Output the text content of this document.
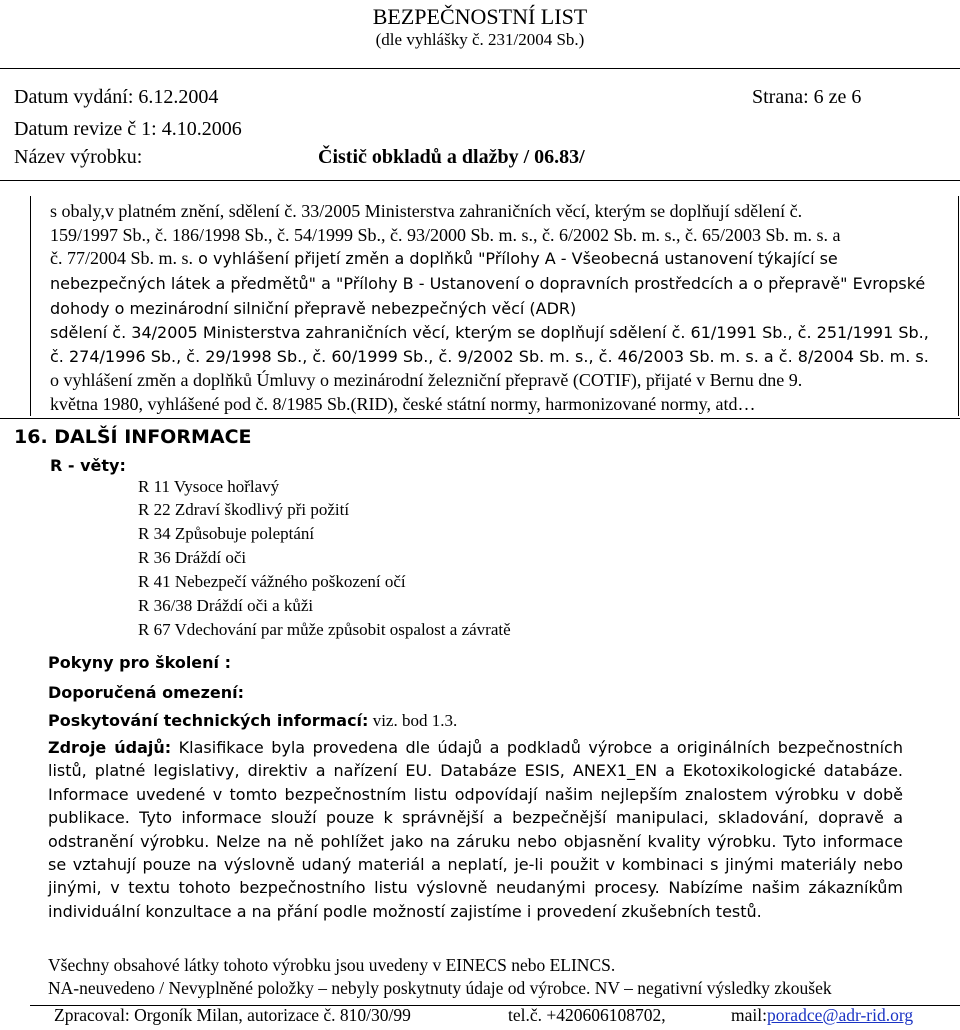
BEZPEČNOSTNÍ LIST
(dle vyhlášky č. 231/2004 Sb.)
Datum vydání: 6.12.2004	Strana: 6 ze 6
Datum revize č 1: 4.10.2006
Název výrobku:	Čistič obkladů a dlažby / 06.83/
s obaly,v platném znění, sdělení č. 33/2005 Ministerstva zahraničních věcí, kterým se doplňují sdělení č.
159/1997 Sb., č. 186/1998 Sb., č. 54/1999 Sb., č. 93/2000 Sb. m. s., č. 6/2002 Sb. m. s., č. 65/2003 Sb. m. s. a
č. 77/2004 Sb. m. s. o vyhlášení přijetí změn a doplňků "Přílohy A - Všeobecná ustanovení týkající se
nebezpečných látek a předmětů" a "Přílohy B - Ustanovení o dopravních prostředcích a o přepravě" Evropské
dohody o mezinárodní silniční přepravě nebezpečných věcí (ADR)
sdělení č. 34/2005 Ministerstva zahraničních věcí, kterým se doplňují sdělení č. 61/1991 Sb., č. 251/1991 Sb.,
č. 274/1996 Sb., č. 29/1998 Sb., č. 60/1999 Sb., č. 9/2002 Sb. m. s., č. 46/2003 Sb. m. s. a č. 8/2004 Sb. m. s.
o vyhlášení změn a doplňků Úmluvy o mezinárodní železniční přepravě (COTIF), přijaté v Bernu dne 9.
května 1980, vyhlášené pod č. 8/1985 Sb.(RID), české státní normy, harmonizované normy, atd…
16. DALŠÍ INFORMACE
R - věty:
R 11 Vysoce hořlavý
R 22 Zdraví škodlivý při požití
R 34 Způsobuje poleptání
R 36 Dráždí oči
R 41 Nebezpečí vážného poškození očí
R 36/38 Dráždí oči a kůži
R 67 Vdechování par může způsobit ospalost a závratě
Pokyny pro školení :
Doporučená omezení:
Poskytování technických informací: viz. bod 1.3.

Zdroje údajů: Klasifikace byla provedena dle údajů a podkladů výrobce a originálních bezpečnostních listů, platné legislativy, direktiv a nařízení EU. Databáze ESIS, ANEX1_EN a Ekotoxikologické databáze. Informace uvedené v tomto bezpečnostním listu odpovídají našim nejlepším znalostem výrobku v době publikace. Tyto informace slouží pouze k správnější a bezpečnější manipulaci, skladování, dopravě a odstranění výrobku. Nelze na ně pohlížet jako na záruku nebo objasnění kvality výrobku. Tyto informace se vztahují pouze na výslovně udaný materiál a neplatí, je-li použit v kombinaci s jinými materiály nebo jinými, v textu tohoto bezpečnostního listu výslovně neudanými procesy. Nabízíme našim zákazníkům individuální konzultace a na přání podle možností zajistíme i provedení zkušebních testů.

Všechny obsahové látky tohoto výrobku jsou uvedeny v EINECS nebo ELINCS.
NA-neuvedeno / Nevyplněné položky – nebyly poskytnuty údaje od výrobce. NV – negativní výsledky zkoušek
Zpracoval: Orgoník Milan, autorizace č. 810/30/99	tel.č. +420606108702,	mail:poradce@adr-rid.org
